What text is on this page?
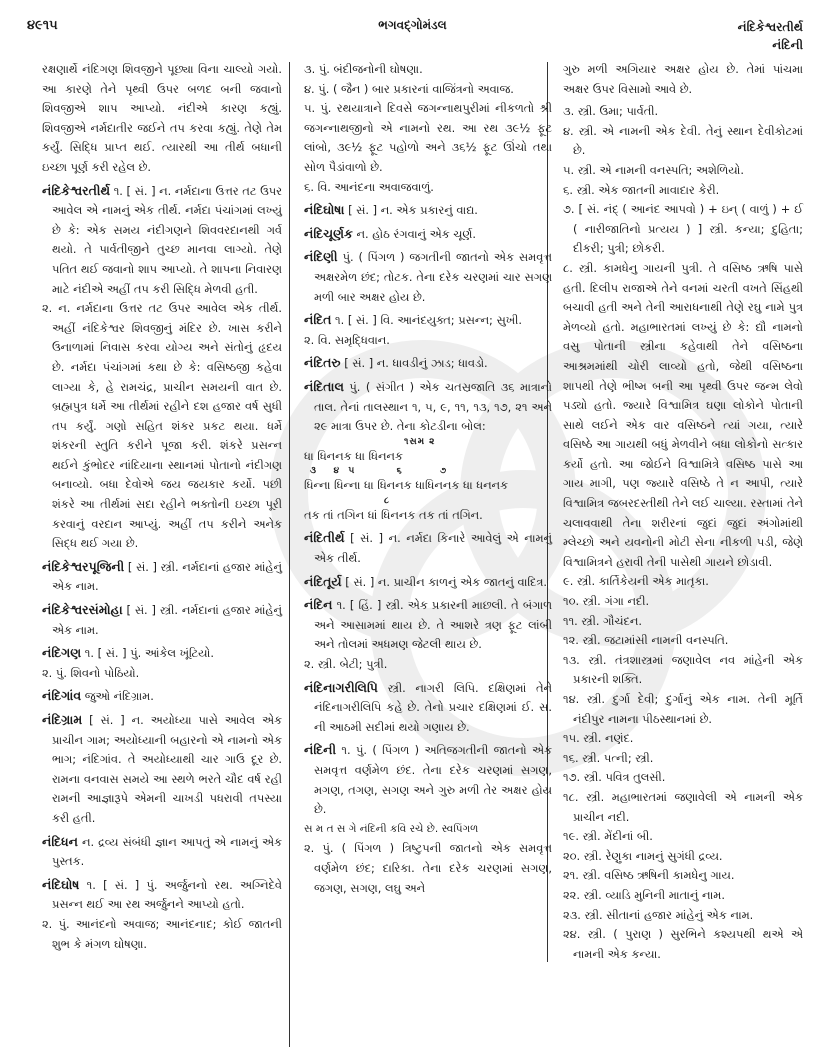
૪૯૧૫	ભગવદ્ગોમંડલ	નંદિકેશ્વરતીર્થ
નંદિની

રક્ષણાર્થે નંદિગણ શિવજીને પૂછ્યા વિના ચાલ્યો ગયો. આ કારણે તેને પૃથ્વી ઉપર બળદ બની જવાનો શિવજીએ શાપ આપ્યો. નંદીએ કારણ કહ્યું. શિવજીએ નર્મદાતીર જઈને તપ કરવા કહ્યું. તેણે તેમ કર્યું. સિદ્ધિ પ્રાપ્ત થઈ. ત્યારથી આ તીર્થ બધાની ઇચ્છા પૂર્ણ કરી રહેલ છે.

નંદિકેશ્વરતીર્થ ૧. [ સં. ] ન. નર્મદાના ઉત્તર તટ ઉપર આવેલ એ નામનું એક તીર્થ. નર્મદા પંચાંગમાં લખ્યું છે કે: એક સમય નંદીગણને શિવવરદાનથી ગર્વ થયો. તે પાર્વતીજીને તુચ્છ માનવા લાગ્યો. તેણે પતિત થઈ જવાનો શાપ આપ્યો. તે શાપના નિવારણ માટે નંદીએ અહીં તપ કરી સિદ્ધિ મેળવી હતી.
૨. ન. નર્મદાના ઉત્તર તટ ઉપર આવેલ એક તીર્થ. અહીં નંદિકેશ્વર શિવજીનું મંદિર છે. ખાસ કરીને ઉનાળામાં નિવાસ કરવા યોગ્ય અને સંતોનું હૃદય છે. નર્મદા પંચાંગમાં કથા છે કે: વસિષ્ઠજી કહેવા લાગ્યા કે, હે રામચંદ્ર, પ્રાચીન સમયની વાત છે. બ્રહ્મપુત્ર ધર્મે આ તીર્થમાં રહીને દશ હજાર વર્ષ સુધી તપ કર્યું. ગણો સહિત શંકર પ્રકટ થયા. ધર્મે શંકરની સ્તુતિ કરીને પૂજા કરી. શંકરે પ્રસન્ન થઈને કુંભોદર નાંદિયાના સ્થાનમાં પોતાનો નંદીગણ બનાવ્યો. બધા દેવોએ જય જયકાર કર્યો. પછી શંકરે આ તીર્થમાં સદા રહીને ભક્તોની ઇચ્છા પૂરી કરવાનું વરદાન આપ્યું. અહીં તપ કરીને અનેક સિદ્ધ થઈ ગયા છે.

નંદિકેશ્વરપૂજિની [ સં. ] સ્ત્રી. નર્મદાનાં હજાર માંહેનું એક નામ.

નંદિકેશ્વરસંમોહા [ સં. ] સ્ત્રી. નર્મદાનાં હજાર માંહેનું એક નામ.

નંદિગણ ૧. [ સં. ] પું. આંકેલ ખૂંટિયો.
૨. પું. શિવનો પોઠિયો.

નંદિગાંવ જુઓ નંદિગ્રામ.

નંદિગ્રામ [ સં. ] ન. અયોધ્યા પાસે આવેલ એક પ્રાચીન ગામ; અયોધ્યાની બહારનો એ નામનો એક ભાગ; નંદિગાંવ. તે અયોધ્યાથી ચાર ગાઉ દૂર છે. રામના વનવાસ સમયે આ સ્થળે ભરતે ચૌદ વર્ષ રહી રામની આજ્ઞારૂપે એમની ચાખડી પધરાવી તપસ્યા કરી હતી.

નંદિધન ન. દ્રવ્ય સંબંધી જ્ઞાન આપતું એ નામનું એક પુસ્તક.

નંદિઘોષ ૧. [ સં. ] પું. અર્જુનનો રથ. અગ્નિદેવે પ્રસન્ન થઈ આ રથ અર્જુનને આપ્યો હતો.
૨. પું. આનંદનો અવાજ; આનંદનાદ; કોઈ જાતની શુભ કે મંગળ ઘોષણા.

૩. પું. બંદીજનોની ઘોષણા.
૪. પું. ( જૈન ) બાર પ્રકારનાં વાજિંત્રનો અવાજ.
૫. પું. રથયાત્રાને દિવસે જગન્નાથપુરીમાં નીકળતો શ્રી જગન્નાથજીનો એ નામનો રથ. આ રથ ૩૯½ ફૂટ લાંબો, ૩૯½ ફૂટ પહોળો અને ૩૬½ ફૂટ ઊંચો તથા સોળ પૈડાંવાળો છે.
૬. વિ. આનંદના અવાજવાળું.

નંદિઘોષા [ સં. ] ન. એક પ્રકારનું વાદ્ય.

નંદિચૂર્ણક ન. હોઠ રંગવાનું એક ચૂર્ણ.

નંદિણી પું. ( પિંગળ ) જગતીની જાતનો એક સમવૃત્ત અક્ષરમેળ છંદ; તોટક. તેના દરેક ચરણમાં ચાર સગણ મળી બાર અક્ષર હોય છે.

નંદિત ૧. [ સં. ] વિ. આનંદયુક્ત; પ્રસન્ન; સુખી.
૨. વિ. સમૃદ્ધિવાન.

નંદિતરુ [ સં. ] ન. ધાવડીનું ઝાડ; ધાવડો.

નંદિતાલ પું. ( સંગીત ) એક ચતસ્રજાતિ ૩૬ માત્રાનો તાલ. તેનાં તાલસ્થાન ૧, ૫, ૯, ૧૧, ૧૩, ૧૭, ૨૧ અને ૨૯ માત્રા ઉપર છે. તેના કોટડીના બોલ:
૧સમ ૨
ધા ધિનનક ધા ધિનનક
૩    ૪  ૫          ૬         ૭
ધિન્ના ધિન્ના ધા ધિનનક ધાધિનનક ધા ધનનક
૮
તક તાં તગિન ધાં ધિનનક તક તાં તગિન.

નંદિતીર્થ [ સં. ] ન. નર્મદા કિનારે આવેલું એ નામનું એક તીર્થ.

નંદિતૂર્ય [ સં. ] ન. પ્રાચીન કાળનું એક જાતનું વાદિત્ર.

નંદિન ૧. [ હિં. ] સ્ત્રી. એક પ્રકારની માછલી. તે બંગાળ અને આસામમાં થાય છે. તે આશરે ત્રણ ફૂટ લાંબી અને તોલમાં અધમણ જેટલી થાય છે.
૨. સ્ત્રી. બેટી; પુત્રી.

નંદિનાગરીલિપિ સ્ત્રી. નાગરી લિપિ. દક્ષિણમાં તેને નંદિનાગરીલિપિ કહે છે. તેનો પ્રચાર દક્ષિણમાં ઈ. સ. ની આઠમી સદીમાં થયો ગણાય છે.

નંદિની ૧. પું. ( પિંગળ ) અતિજગતીની જાતનો એક સમવૃત્ત વર્ણમેળ છંદ. તેના દરેક ચરણમાં સગણ, મગણ, તગણ, સગણ અને ગુરુ મળી તેર અક્ષર હોય છે.
સ મ ત સ ગે નંદિની કવિ રચે છે. સ્વપિંગળ
૨. પું. ( પિંગળ ) ત્રિષ્ટુપની જાતનો એક સમવૃત્ત વર્ણમેળ છંદ; દારિકા. તેના દરેક ચરણમાં સગણ, જગણ, સગણ, લઘુ અને

ગુરુ મળી અગિયાર અક્ષર હોય છે. તેમાં પાંચમા અક્ષર ઉપર વિસામો આવે છે.

૩. સ્ત્રી. ઉમા; પાર્વતી.
૪. સ્ત્રી. એ નામની એક દેવી. તેનું સ્થાન દેવીકોટમાં છે.
૫. સ્ત્રી. એ નામની વનસ્પતિ; અશેળિયો.
૬. સ્ત્રી. એક જાતની માવાદાર કેરી.
૭. [ સં. નંદ્ ( આનંદ આપવો ) + ઇન્ ( વાળું ) + ઈ ( નારીજાતિનો પ્રત્યય ) ] સ્ત્રી. કન્યા; દુહિતા; દીકરી; પુત્રી; છોકરી.
૮. સ્ત્રી. કામધેનુ ગાયની પુત્રી. તે વસિષ્ઠ ઋષિ પાસે હતી. દિલીપ રાજાએ તેને વનમાં ચરતી વખતે સિંહથી બચાવી હતી અને તેની આરાધનાથી તેણે રઘુ નામે પુત્ર મેળવ્યો હતો. મહાભારતમાં લખ્યું છે કે: દ્યૌ નામનો વસુ પોતાની સ્ત્રીના કહેવાથી તેને વસિષ્ઠના આશ્રમમાંથી ચોરી લાવ્યો હતો, જેથી વસિષ્ઠના શાપથી તેણે ભીષ્મ બની આ પૃથ્વી ઉપર જન્મ લેવો પડ્યો હતો. જ્યારે વિશ્વામિત્ર ઘણા લોકોને પોતાની સાથે લઈને એક વાર વસિષ્ઠને ત્યાં ગયા, ત્યારે વસિષ્ઠે આ ગાયથી બધું મેળવીને બધા લોકોનો સત્કાર કર્યો હતો. આ જોઈને વિશ્વામિત્રે વસિષ્ઠ પાસે આ ગાય માગી, પણ જ્યારે વસિષ્ઠે તે ન આપી, ત્યારે વિશ્વામિત્ર જબરદસ્તીથી તેને લઈ ચાલ્યા. રસ્તામાં તેને ચલાવવાથી તેના શરીરનાં જુદાં જુદાં અંગોમાંથી મ્લેચ્છો અને યવનોની મોટી સેના નીકળી પડી, જેણે વિશ્વામિત્રને હરાવી તેની પાસેથી ગાયને છોડાવી.
૯. સ્ત્રી. કાર્તિકેયની એક માતૃકા.
૧૦. સ્ત્રી. ગંગા નદી.
૧૧. સ્ત્રી. ગૌચંદન.
૧૨. સ્ત્રી. જટામાંસી નામની વનસ્પતિ.
૧૩. સ્ત્રી. તંત્રશાસ્ત્રમાં જણાવેલ નવ માંહેની એક પ્રકારની શક્તિ.
૧૪. સ્ત્રી. દુર્ગા દેવી; દુર્ગાનું એક નામ. તેની મૂર્તિ નંદીપુર નામના પીઠસ્થાનમાં છે.
૧૫. સ્ત્રી. નણંદ.
૧૬. સ્ત્રી. પત્ની; સ્ત્રી.
૧૭. સ્ત્રી. પવિત્ર તુલસી.
૧૮. સ્ત્રી. મહાભારતમાં જણાવેલી એ નામની એક પ્રાચીન નદી.
૧૯. સ્ત્રી. મેંદીનાં બી.
૨૦. સ્ત્રી. રેણુકા નામનું સુગંધી દ્રવ્ય.
૨૧. સ્ત્રી. વસિષ્ઠ ઋષિની કામધેનુ ગાય.
૨૨. સ્ત્રી. વ્યાડિ મુનિની માતાનું નામ.
૨૩. સ્ત્રી. સીતાનાં હજાર માંહેનું એક નામ.
૨૪. સ્ત્રી. ( પુરાણ ) સુરભિને કશ્યપથી થએ એ નામની એક કન્યા.
